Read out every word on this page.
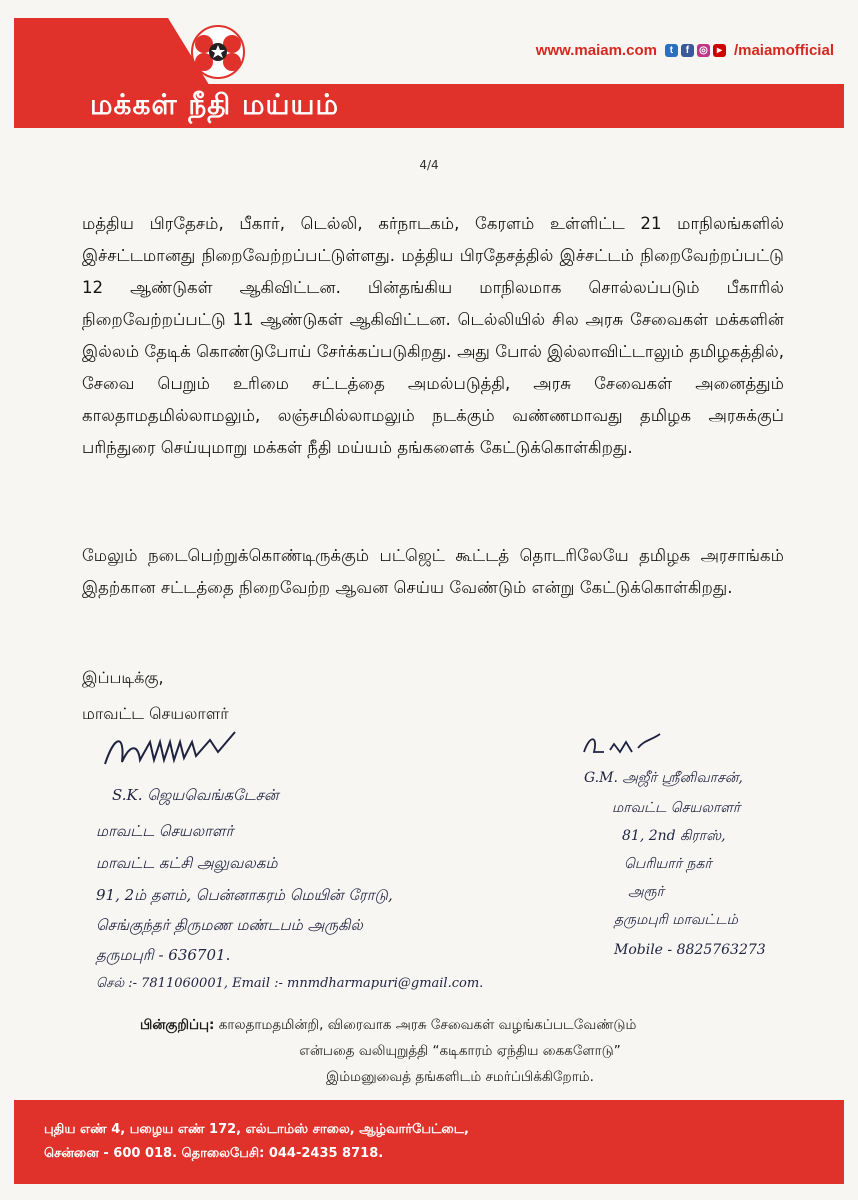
மக்கள் நீதி மய்யம்
www.maiam.com	t	f ◎ ▸ /maiamofficial
4/4

மத்திய பிரதேசம், பீகார், டெல்லி, கர்நாடகம், கேரளம் உள்ளிட்ட 21 மாநிலங்களில் இச்சட்டமானது நிறைவேற்றப்பட்டுள்ளது. மத்திய பிரதேசத்தில் இச்சட்டம் நிறைவேற்றப்பட்டு 12 ஆண்டுகள் ஆகிவிட்டன. பின்தங்கிய மாநிலமாக சொல்லப்படும் பீகாரில் நிறைவேற்றப்பட்டு 11 ஆண்டுகள் ஆகிவிட்டன. டெல்லியில் சில அரசு சேவைகள் மக்களின் இல்லம் தேடிக் கொண்டுபோய் சேர்க்கப்படுகிறது. அது போல் இல்லாவிட்டாலும் தமிழகத்தில், சேவை பெறும் உரிமை சட்டத்தை அமல்படுத்தி, அரசு சேவைகள் அனைத்தும் காலதாமதமில்லாமலும், லஞ்சமில்லாமலும் நடக்கும் வண்ணமாவது தமிழக அரசுக்குப் பரிந்துரை செய்யுமாறு மக்கள் நீதி மய்யம் தங்களைக் கேட்டுக்கொள்கிறது.

மேலும் நடைபெற்றுக்கொண்டிருக்கும் பட்ஜெட் கூட்டத் தொடரிலேயே தமிழக அரசாங்கம் இதற்கான சட்டத்தை நிறைவேற்ற ஆவன செய்ய வேண்டும் என்று கேட்டுக்கொள்கிறது.

இப்படிக்கு,
மாவட்ட செயலாளர்
S.K. ஜெயவெங்கடேசன்
மாவட்ட செயலாளர்
மாவட்ட கட்சி அலுவலகம்
91, 2ம் தளம், பென்னாகரம் மெயின் ரோடு,
செங்குந்தர் திருமண மண்டபம் அருகில்
தருமபுரி - 636701.
செல் :- 7811060001, Email :- mnmdharmapuri@gmail.com.
G.M. அஜீர் ஸ்ரீனிவாசன்,
மாவட்ட செயலாளர்
81, 2nd கிராஸ்,
பெரியார் நகர்
அரூர்
தருமபுரி மாவட்டம்
Mobile - 8825763273
பின்குறிப்பு: காலதாமதமின்றி, விரைவாக அரசு சேவைகள் வழங்கப்படவேண்டும்
என்பதை வலியுறுத்தி “கடிகாரம் ஏந்திய கைகளோடு”
இம்மனுவைத் தங்களிடம் சமர்ப்பிக்கிறோம்.
புதிய எண் 4, பழைய எண் 172, எல்டாம்ஸ் சாலை, ஆழ்வார்பேட்டை,
சென்னை - 600 018. தொலைபேசி: 044-2435 8718.
